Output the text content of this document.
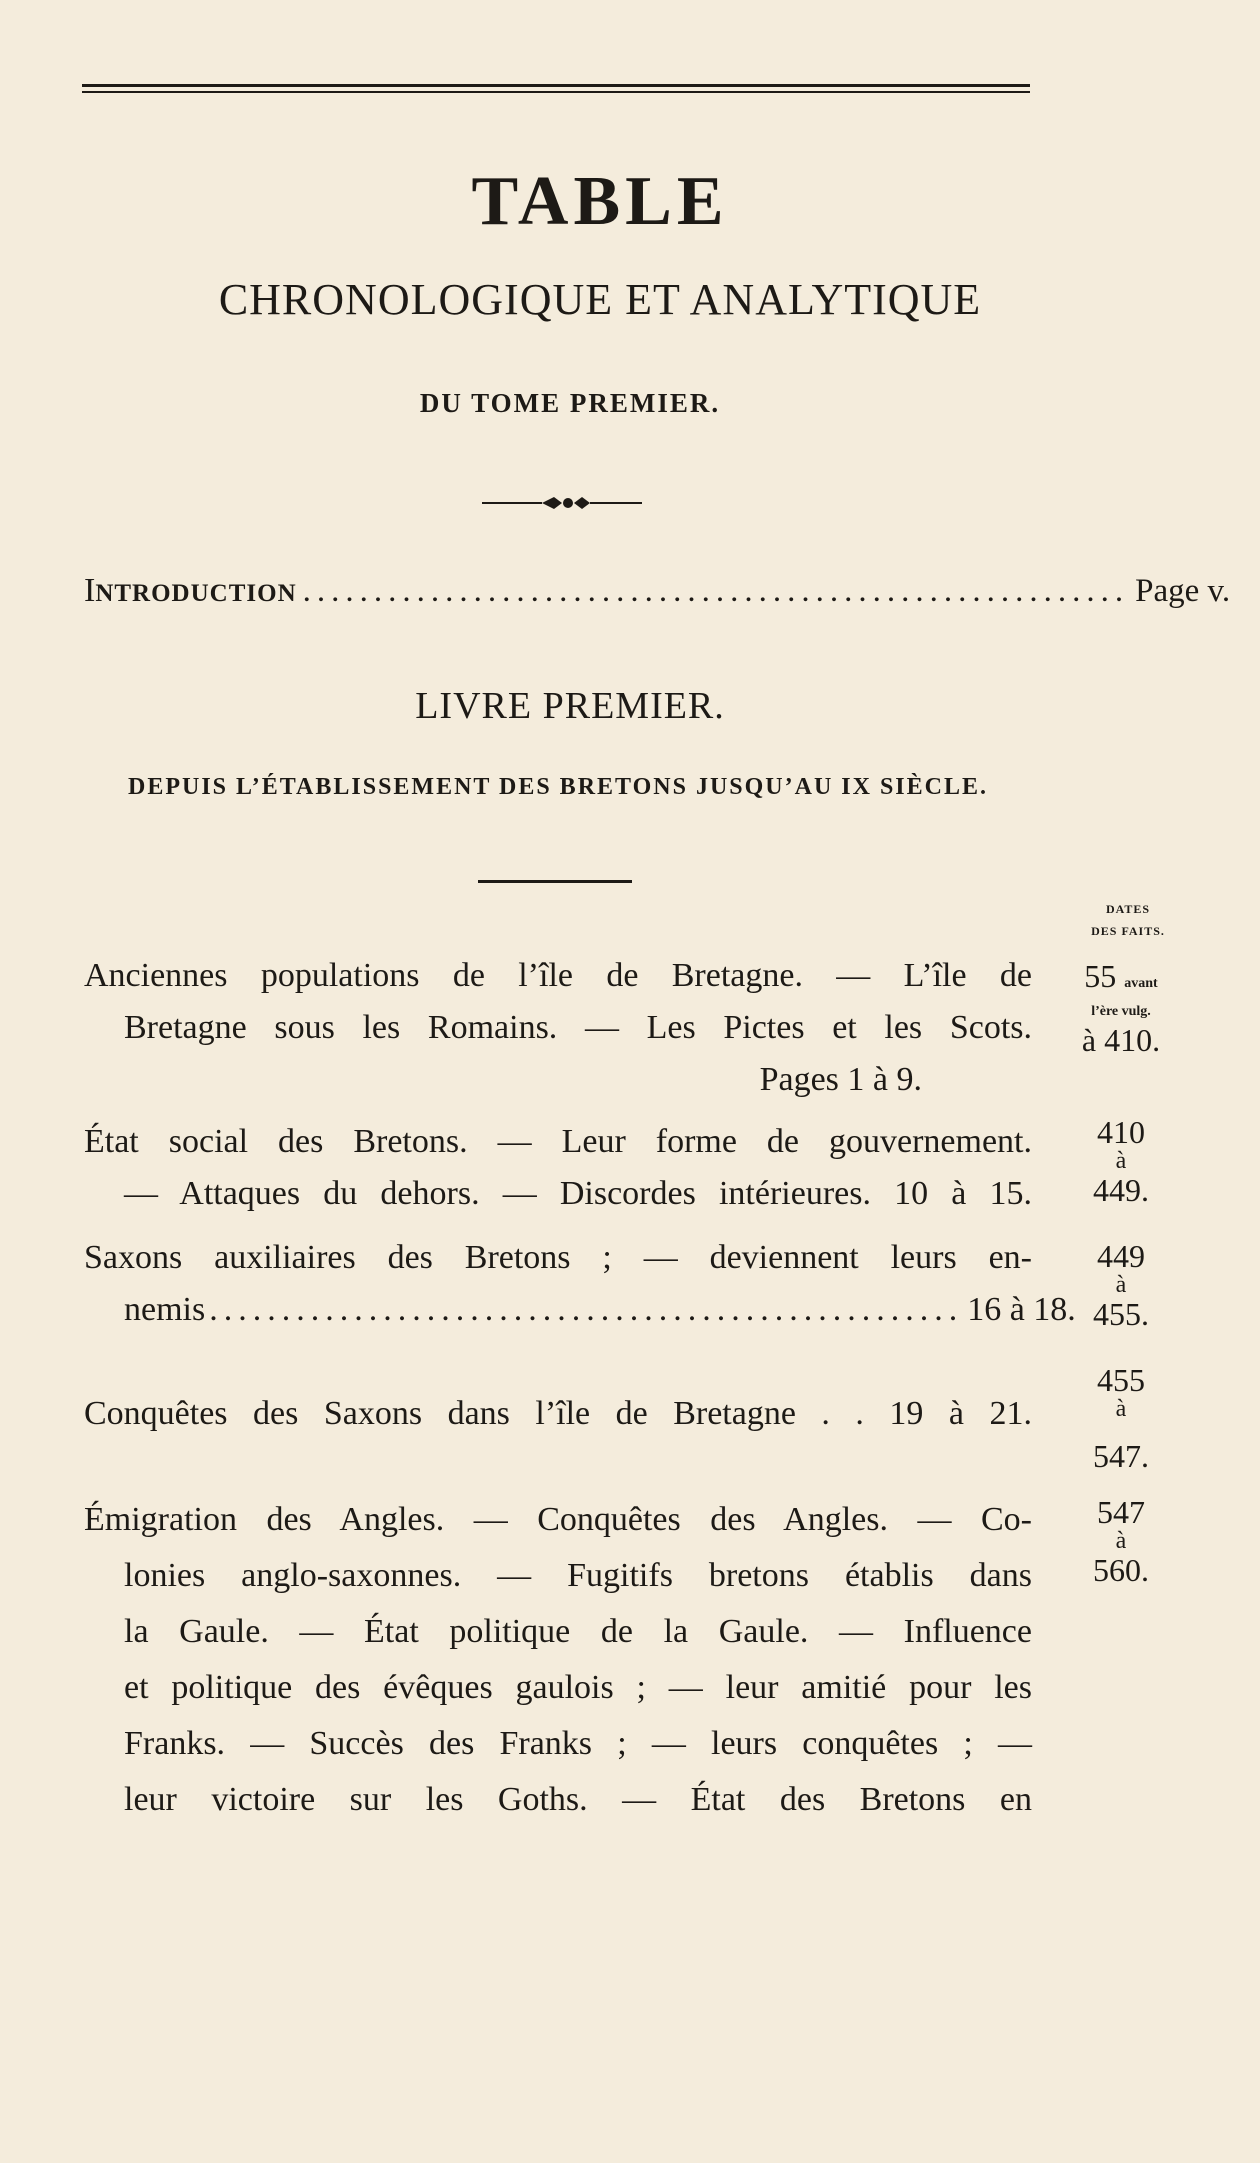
TABLE
CHRONOLOGIQUE ET ANALYTIQUE
DU TOME PREMIER.
I NTRODUCTION .......................................................... Page v.
LIVRE PREMIER.
DEPUIS L’ÉTABLISSEMENT DES BRETONS JUSQU’AU IX SIÈCLE.
DATES
DES FAITS.
Anciennes populations de l’île de Bretagne. — L’île de
Bretagne sous les Romains. — Les Pictes et les Scots.
Pages 1 à 9.
55 avant
l’ère vulg.
à 410.
État social des Bretons. — Leur forme de gouvernement.
— Attaques du dehors. — Discordes intérieures. 10 à 15.
410
à
449.
Saxons auxiliaires des Bretons ; — deviennent leurs en-
nemis .................................................... 16 à 18.
449
à
455.
Conquêtes des Saxons dans l’île de Bretagne . . 19 à 21.
455
à
547.
Émigration des Angles. — Conquêtes des Angles. — Co-
lonies anglo-saxonnes. — Fugitifs bretons établis dans
la Gaule. — État politique de la Gaule. — Influence
et politique des évêques gaulois ; — leur amitié pour les
Franks. — Succès des Franks ; — leurs conquêtes ; —
leur victoire sur les Goths. — État des Bretons en
547
à
560.
